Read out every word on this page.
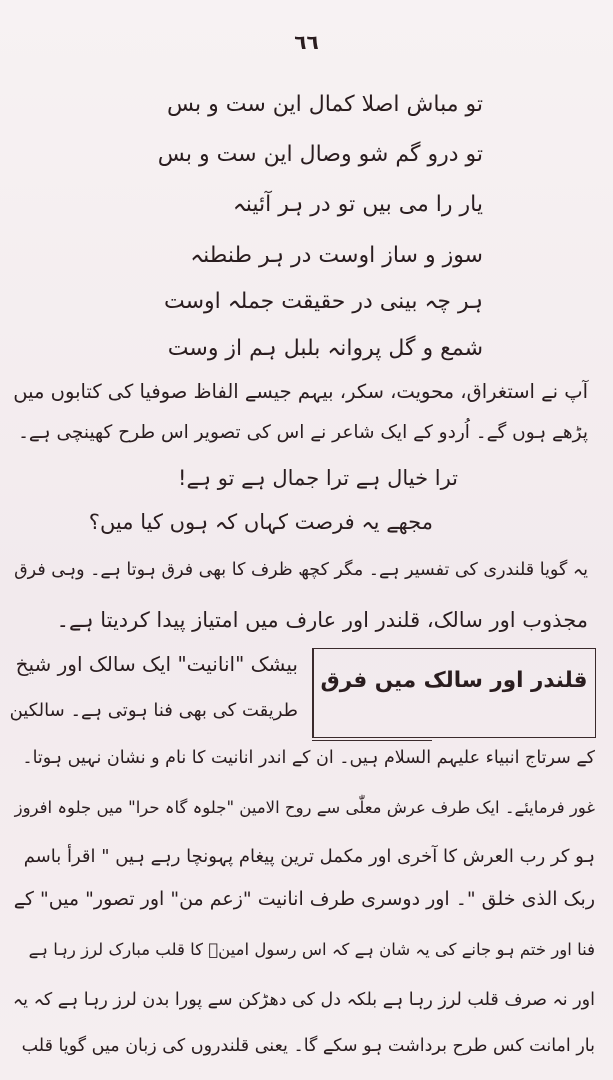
٦٦
تو مباش اصلا کمال این ست و بس
تو درو گم شو وصال این ست و بس
یار را می بیں تو در ہر آئینہ
سوز و ساز اوست در ہر طنطنہ
ہر چہ بینی در حقیقت جملہ اوست
شمع و گل پروانہ بلبل ہم از وست
آپ نے استغراق، محویت، سکر، بیہم جیسے الفاظ صوفیا کی کتابوں میں
پڑھے ہوں گے۔ اُردو کے ایک شاعر نے اس کی تصویر اس طرح کھینچی ہے۔
ترا خیال ہے ترا جمال ہے تو ہے!
مجھے یہ فرصت کہاں کہ ہوں کیا میں؟
یہ گویا قلندری کی تفسیر ہے۔ مگر کچھ ظرف کا بھی فرق ہوتا ہے۔ وہی فرق
مجذوب اور سالک، قلندر اور عارف میں امتیاز پیدا کردیتا ہے۔
قلندر اور سالک میں فرق
بیشک "انانیت" ایک سالک اور شیخ
طریقت کی بھی فنا ہوتی ہے۔ سالکین
کے سرتاج انبیاء علیہم السلام ہیں۔ ان کے اندر انانیت کا نام و نشان نہیں ہوتا۔
غور فرمایئے۔ ایک طرف عرش معلّٰی سے روح الامین "جلوہ گاہ حرا" میں جلوہ افروز
ہو کر رب العرش کا آخری اور مکمل ترین پیغام پہونچا رہے ہیں " اقرأ باسم
ربک الذی خلق "۔ اور دوسری طرف انانیت "زعم من" اور تصور" میں" کے
فنا اور ختم ہو جانے کی یہ شان ہے کہ اس رسول امینؐ کا قلب مبارک لرز رہا ہے
اور نہ صرف قلب لرز رہا ہے بلکہ دل کی دھڑکن سے پورا بدن لرز رہا ہے کہ یہ
بار امانت کس طرح برداشت ہو سکے گا۔ یعنی قلندروں کی زبان میں گویا قلب
